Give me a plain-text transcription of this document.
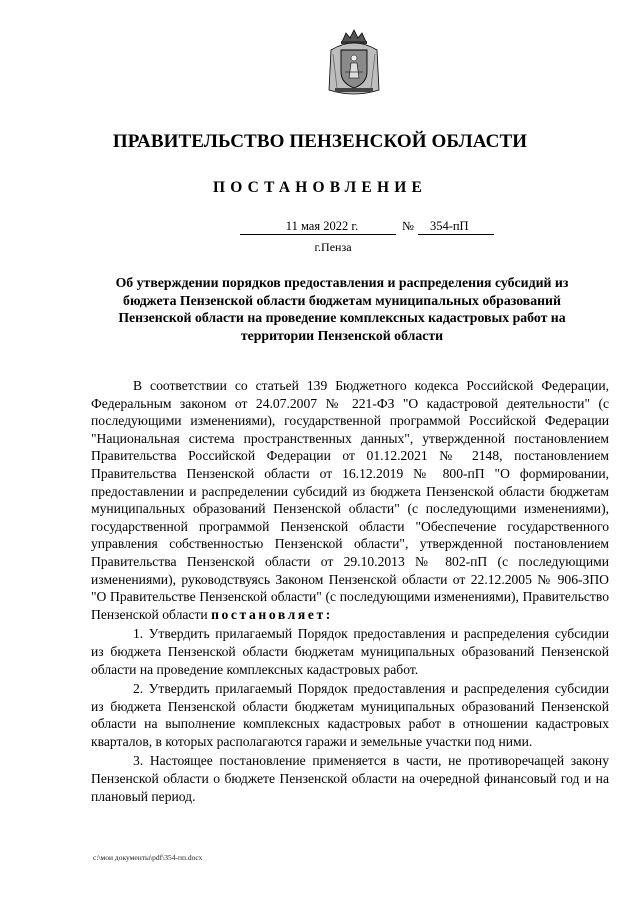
ПРАВИТЕЛЬСТВО ПЕНЗЕНСКОЙ ОБЛАСТИ
ПОСТАНОВЛЕНИЕ
11 мая 2022 г.	№ 354-пП
г.Пенза
Об утверждении порядков предоставления и распределения субсидий из бюджета Пензенской области бюджетам муниципальных образований Пензенской области на проведение комплексных кадастровых работ на территории Пензенской области

В соответствии со статьей 139 Бюджетного кодекса Российской Федерации, Федеральным законом от 24.07.2007 № 221-ФЗ "О кадастровой деятельности" (с последующими изменениями), государственной программой Российской Федерации "Национальная система пространственных данных", утвержденной постановлением Правительства Российской Федерации от 01.12.2021 № 2148, постановлением Правительства Пензенской области от 16.12.2019 № 800-пП "О формировании, предоставлении и распределении субсидий из бюджета Пензенской области бюджетам муниципальных образований Пензенской области" (с последующими изменениями), государственной программой Пензенской области "Обеспечение государственного управления собственностью Пензенской области", утвержденной постановлением Правительства Пензенской области от 29.10.2013 № 802-пП (с последующими изменениями), руководствуясь Законом Пензенской области от 22.12.2005 № 906-ЗПО "О Правительстве Пензенской области" (с последующими изменениями), Правительство Пензенской области постановляет:

1. Утвердить прилагаемый Порядок предоставления и распределения субсидии из бюджета Пензенской области бюджетам муниципальных образований Пензенской области на проведение комплексных кадастровых работ.

2. Утвердить прилагаемый Порядок предоставления и распределения субсидии из бюджета Пензенской области бюджетам муниципальных образований Пензенской области на выполнение комплексных кадастровых работ в отношении кадастровых кварталов, в которых располагаются гаражи и земельные участки под ними.

3. Настоящее постановление применяется в части, не противоречащей закону Пензенской области о бюджете Пензенской области на очередной финансовый год и на плановый период.

c:\мои документы\pdf\354-пп.docx
